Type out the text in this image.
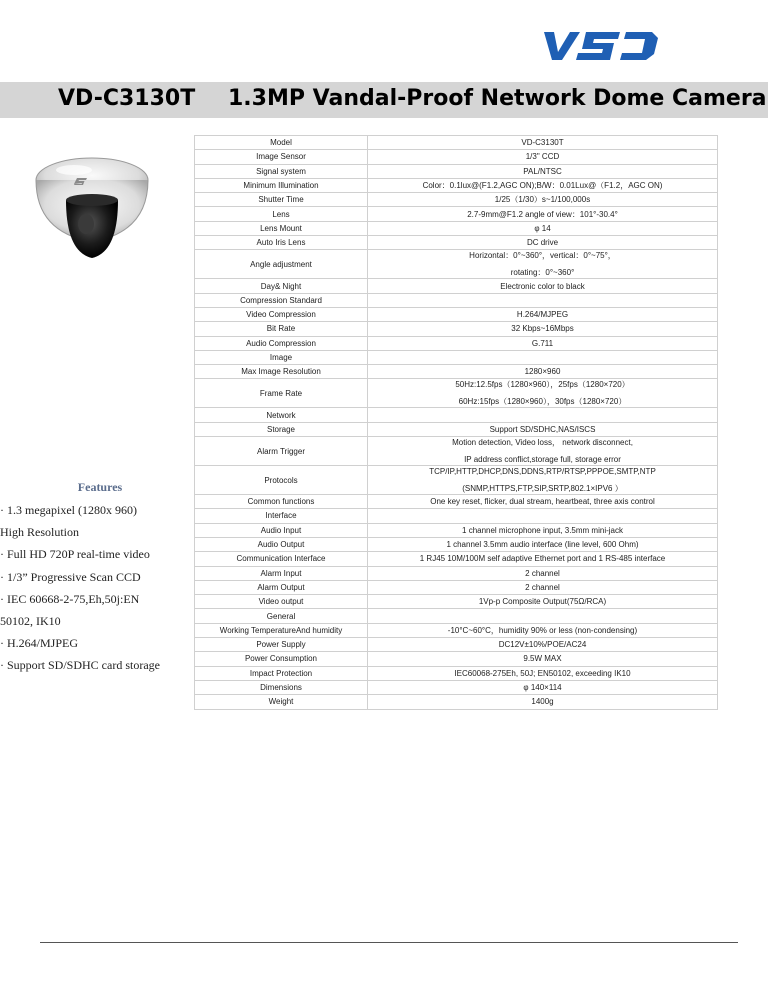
VD-C3130T 1.3MP Vandal-Proof Network Dome Camera
Features
· 1.3 megapixel (1280x 960)
High Resolution
· Full HD 720P real-time video
· 1/3” Progressive Scan CCD
· IEC 60668-2-75,Eh,50j:EN
50102, IK10
· H.264/MJPEG
· Support SD/SDHC card storage
Model	VD-C3130T

Image Sensor	1/3" CCD

Signal system	PAL/NTSC

Minimum Illumination	Color：0.1lux@(F1.2,AGC ON);B/W：0.01Lux@（F1.2，AGC ON)

Shutter Time	1/25（1/30）s~1/100,000s

Lens	2.7-9mm@F1.2 angle of view：101°-30.4°

Lens Mount	φ 14

Auto Iris Lens	DC drive

Angle adjustment	Horizontal：0°~360°，vertical：0°~75°，
rotating：0°~360°

Day& Night	Electronic color to black

Compression Standard	

Video Compression	H.264/MJPEG

Bit Rate	32 Kbps~16Mbps

Audio Compression	G.711

Image	

Max Image Resolution	1280×960

Frame Rate	50Hz:12.5fps（1280×960），25fps（1280×720）
60Hz:15fps（1280×960），30fps（1280×720）

Network	

Storage	Support SD/SDHC,NAS/ISCS

Alarm Trigger	Motion detection, Video loss， network disconnect,
IP address conflict,storage full, storage error

Protocols	TCP/IP,HTTP,DHCP,DNS,DDNS,RTP/RTSP,PPPOE,SMTP,NTP
(SNMP,HTTPS,FTP,SIP,SRTP,802.1×IPV6 ）

Common functions	One key reset, flicker, dual stream, heartbeat, three axis control

Interface	

Audio Input	1 channel microphone input, 3.5mm mini-jack

Audio Output	1 channel 3.5mm audio interface (line level, 600 Ohm)

Communication Interface	1 RJ45 10M/100M self adaptive Ethernet port and 1 RS-485 interface

Alarm Input	2 channel

Alarm Output	2 channel

Video output	1Vp-p Composite Output(75Ω/RCA)

General	

Working TemperatureAnd humidity	-10°C~60°C，humidity 90% or less (non-condensing)

Power Supply	DC12V±10%/POE/AC24

Power Consumption	9.5W MAX

Impact Protection	IEC60068-275Eh, 50J; EN50102, exceeding IK10

Dimensions	φ 140×114

Weight	1400g
